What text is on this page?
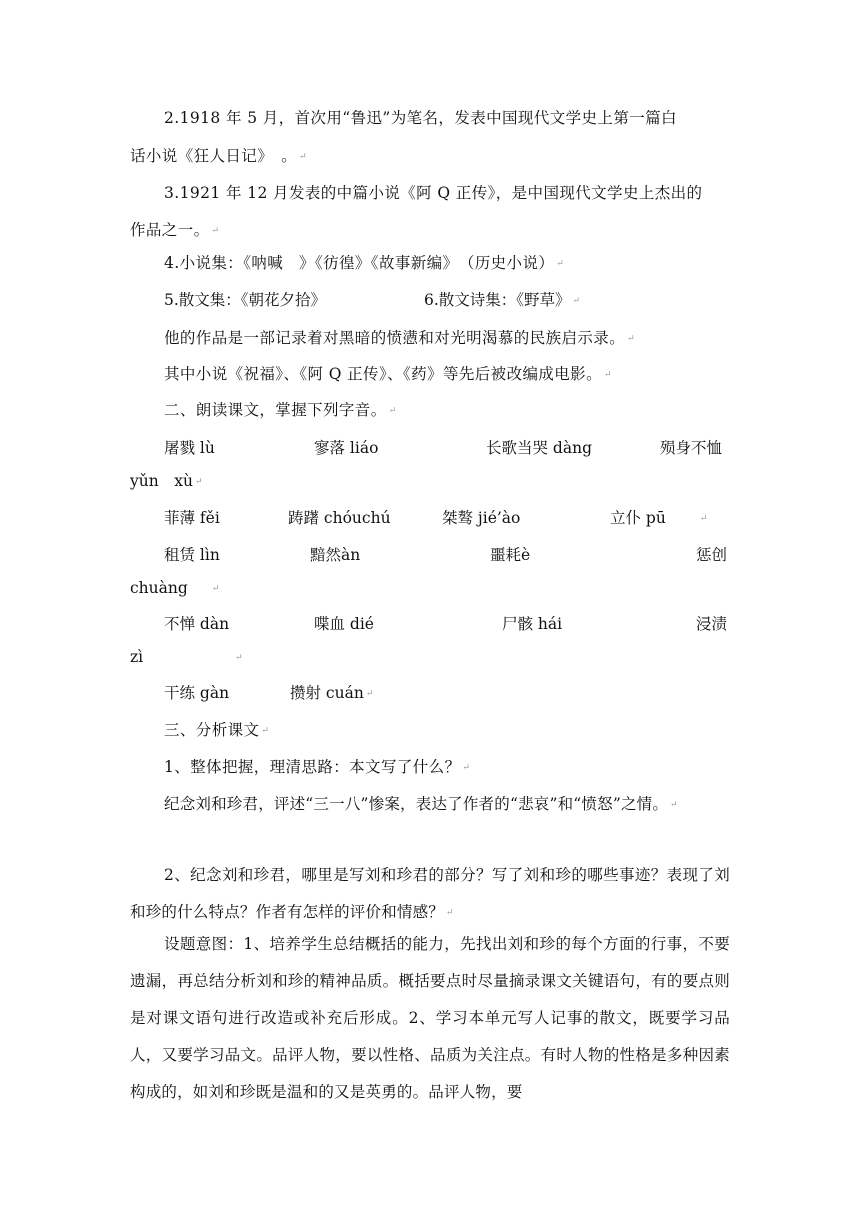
2.1918 年 5 月，首次用“鲁迅”为笔名，发表中国现代文学史上第一篇白
话小说《狂人日记》　。 ↵
3.1921 年 12 月发表的中篇小说《阿 Q 正传》，是中国现代文学史上杰出的
作品之一。 ↵
4.小说集：《呐喊　》《彷徨》《故事新编》　（历史小说） ↵
5.散文集：《朝花夕拾》	6.散文诗集：《野草》 ↵
他的作品是一部记录着对黑暗的愤懑和对光明渴慕的民族启示录。 ↵
其中小说《祝福》、《阿 Q 正传》、《药》等先后被改编成电影。 ↵
二、朗读课文，掌握下列字音。 ↵
屠戮 lù	寥落 liáo	长歌当哭 dàng	殒身不恤
yǔn　xù ↵
菲薄 fěi	踌躇 chóuchú	桀骜 jié’ào	立仆 pū	↵
租赁 lìn	黯然àn	噩耗è	惩创
chuàng	↵
不惮 dàn	喋血 dié	尸骸 hái	浸渍
zì	↵
干练 gàn	攒射 cuán ↵
三、分析课文 ↵
1、整体把握，理清思路：本文写了什么？ ↵
纪念刘和珍君，评述“三一八”惨案，表达了作者的“悲哀”和“愤怒”之情。 ↵
2、纪念刘和珍君，哪里是写刘和珍君的部分？写了刘和珍的哪些事迹？表现了刘和珍的什么特点？作者有怎样的评价和情感？ ↵
设题意图：1、培养学生总结概括的能力，先找出刘和珍的每个方面的行事，不要遗漏，再总结分析刘和珍的精神品质。概括要点时尽量摘录课文关键语句，有的要点则是对课文语句进行改造或补充后形成。2、学习本单元写人记事的散文，既要学习品人，又要学习品文。品评人物，要以性格、品质为关注点。有时人物的性格是多种因素构成的，如刘和珍既是温和的又是英勇的。品评人物，要
